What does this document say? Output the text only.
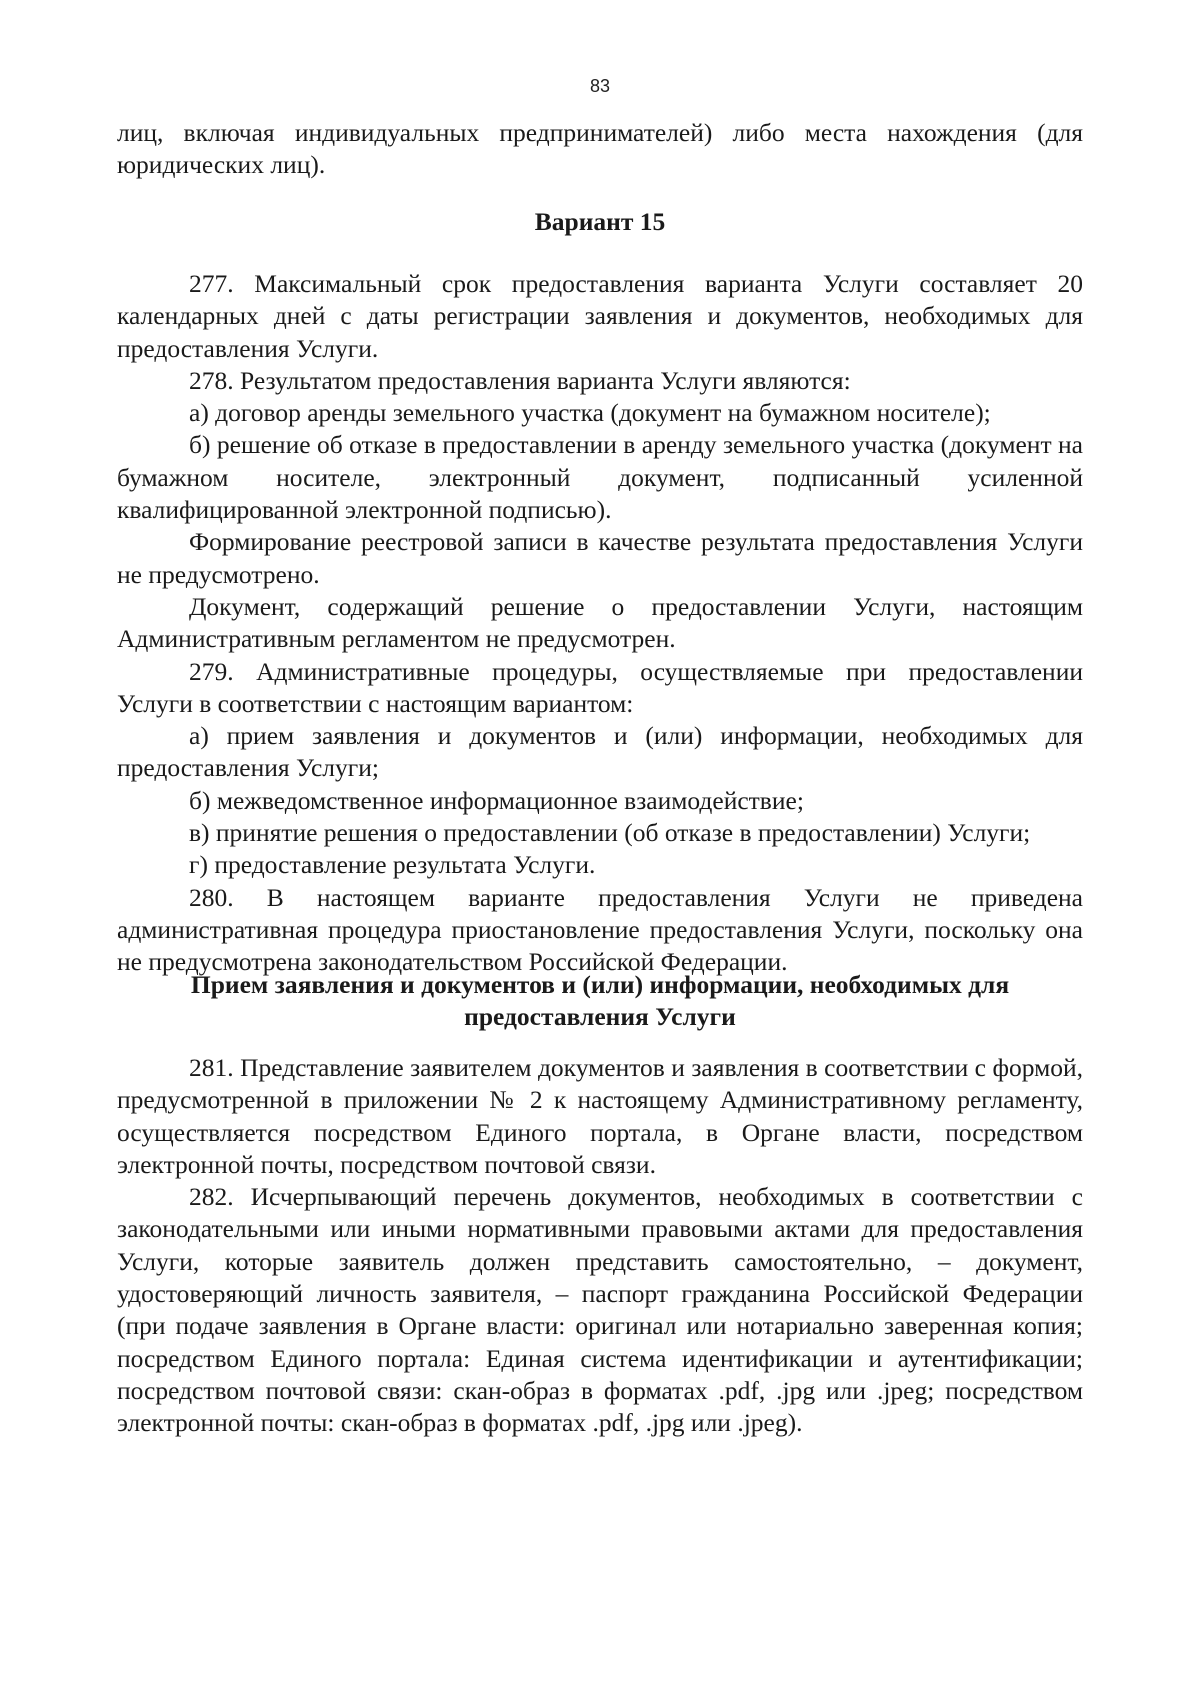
83

лиц, включая индивидуальных предпринимателей) либо места нахождения (для юридических лиц).

Вариант 15

277. Максимальный срок предоставления варианта Услуги составляет 20 календарных дней с даты регистрации заявления и документов, необходимых для предоставления Услуги.

278. Результатом предоставления варианта Услуги являются:

а) договор аренды земельного участка (документ на бумажном носителе);

б) решение об отказе в предоставлении в аренду земельного участка (документ на бумажном носителе, электронный документ, подписанный усиленной квалифицированной электронной подписью).

Формирование реестровой записи в качестве результата предоставления Услуги не предусмотрено.

Документ, содержащий решение о предоставлении Услуги, настоящим Административным регламентом не предусмотрен.

279. Административные процедуры, осуществляемые при предоставлении Услуги в соответствии с настоящим вариантом:

а) прием заявления и документов и (или) информации, необходимых для предоставления Услуги;

б) межведомственное информационное взаимодействие;

в) принятие решения о предоставлении (об отказе в предоставлении) Услуги;

г) предоставление результата Услуги.

280. В настоящем варианте предоставления Услуги не приведена административная процедура приостановление предоставления Услуги, поскольку она не предусмотрена законодательством Российской Федерации.

Прием заявления и документов и (или) информации, необходимых для предоставления Услуги

281. Представление заявителем документов и заявления в соответствии с формой, предусмотренной в приложении № 2 к настоящему Административному регламенту, осуществляется посредством Единого портала, в Органе власти, посредством электронной почты, посредством почтовой связи.

282. Исчерпывающий перечень документов, необходимых в соответствии с законодательными или иными нормативными правовыми актами для предоставления Услуги, которые заявитель должен представить самостоятельно, – документ, удостоверяющий личность заявителя, – паспорт гражданина Российской Федерации (при подаче заявления в Органе власти: оригинал или нотариально заверенная копия; посредством Единого портала: Единая система идентификации и аутентификации; посредством почтовой связи: скан-образ в форматах .pdf, .jpg или .jpeg; посредством электронной почты: скан-образ в форматах .pdf, .jpg или .jpeg).
